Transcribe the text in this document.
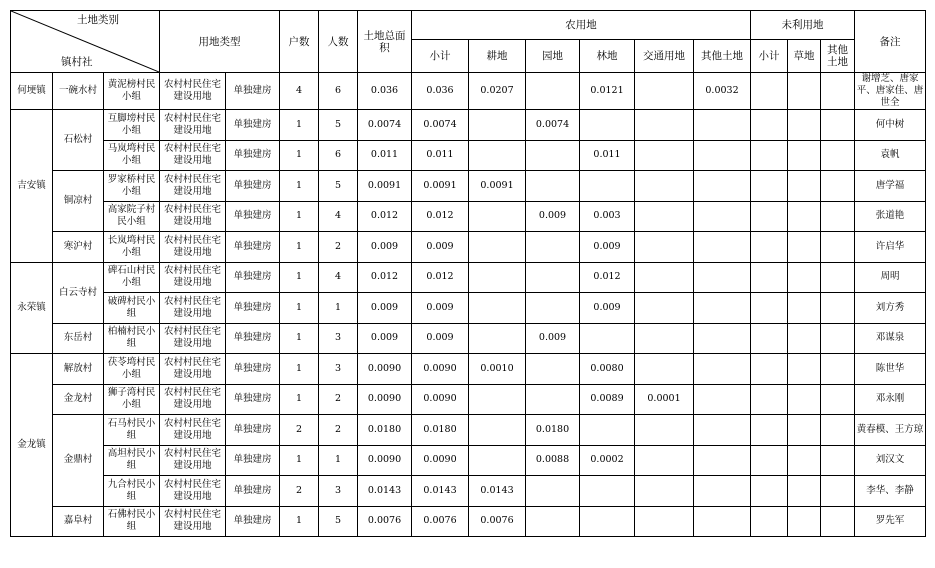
土地类别
镇村社			用地类型		户数	人数	土地总面积	农用地						未利用地			备注
								小计	耕地	园地	林地	交通用地	其他土地	小计	草地	其他土地	
何埂镇	一碗水村	黄泥榜村民小组	农村村民住宅建设用地	单独建房	4	6	0.036	0.036	0.0207		0.0121		0.0032				谢增芝、唐家平、唐家佳、唐世全
吉安镇	石松村	互脚塝村民小组	农村村民住宅建设用地	单独建房	1	5	0.0074	0.0074		0.0074							何中树
		马岚塆村民小组	农村村民住宅建设用地	单独建房	1	6	0.011	0.011			0.011						袁帆
	铜凉村	罗家桥村民小组	农村村民住宅建设用地	单独建房	1	5	0.0091	0.0091	0.0091								唐学福
		高家院子村民小组	农村村民住宅建设用地	单独建房	1	4	0.012	0.012		0.009	0.003						张道艳
	寒沪村	长岚塆村民小组	农村村民住宅建设用地	单独建房	1	2	0.009	0.009			0.009						许启华
永荣镇	白云寺村	碑石山村民小组	农村村民住宅建设用地	单独建房	1	4	0.012	0.012			0.012						周明
		破碑村民小组	农村村民住宅建设用地	单独建房	1	1	0.009	0.009			0.009						刘方秀
	东岳村	柏楠村民小组	农村村民住宅建设用地	单独建房	1	3	0.009	0.009		0.009							邓谋泉
金龙镇	解放村	茯苓塆村民小组	农村村民住宅建设用地	单独建房	1	3	0.0090	0.0090	0.0010		0.0080						陈世华
	金龙村	狮子湾村民小组	农村村民住宅建设用地	单独建房	1	2	0.0090	0.0090			0.0089	0.0001					邓永刚
	金鼎村	石马村民小组	农村村民住宅建设用地	单独建房	2	2	0.0180	0.0180		0.0180							黄春模、王方琼
		高坦村民小组	农村村民住宅建设用地	单独建房	1	1	0.0090	0.0090		0.0088	0.0002						刘汉文
		九合村民小组	农村村民住宅建设用地	单独建房	2	3	0.0143	0.0143	0.0143								李华、李静
	嘉阜村	石佛村民小组	农村村民住宅建设用地	单独建房	1	5	0.0076	0.0076	0.0076								罗先军
